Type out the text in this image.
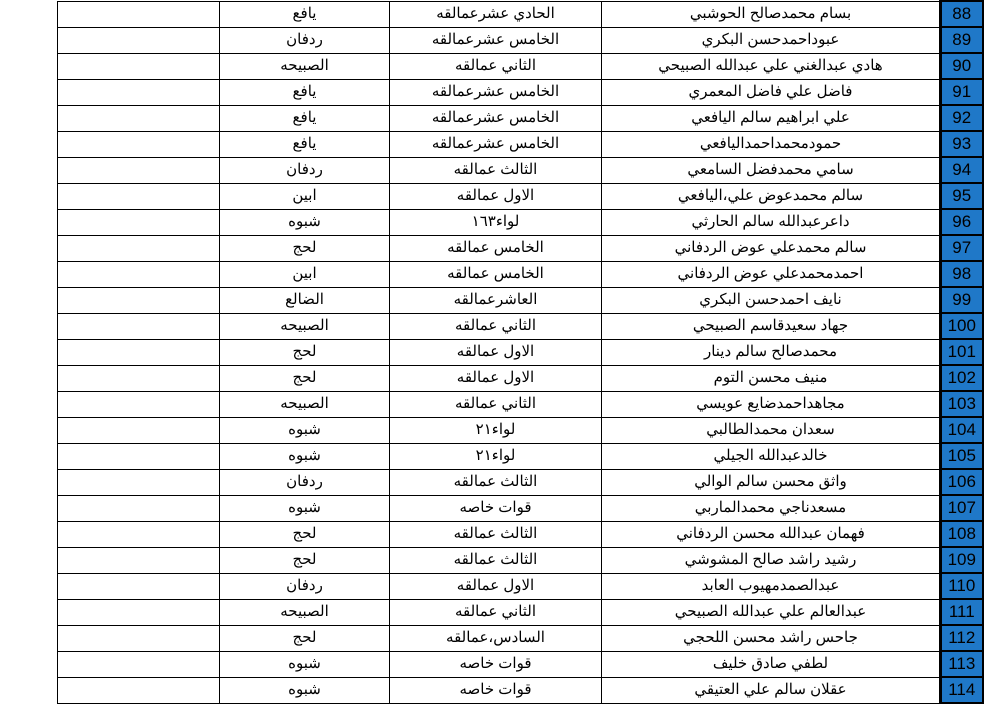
	يافع	الحادي عشرعمالقه	بسام محمدصالح الحوشبي	88
	ردفان	الخامس عشرعمالقه	عبوداحمدحسن البكري	89
	الصبيحه	الثاني عمالقه	هادي عبدالغني علي عبدالله الصبيحي	90
	يافع	الخامس عشرعمالقه	فاضل علي فاضل المعمري	91
	يافع	الخامس عشرعمالقه	علي ابراهيم سالم اليافعي	92
	يافع	الخامس عشرعمالقه	حمودمحمداحمداليافعي	93
	ردفان	الثالث عمالقه	سامي محمدفضل السامعي	94
	ابين	الاول عمالقه	سالم محمدعوض علي،اليافعي	95
	شبوه	لواء١٦٣	داعرعبدالله سالم الحارثي	96
	لحج	الخامس عمالقه	سالم محمدعلي عوض الردفاني	97
	ابين	الخامس عمالقه	احمدمحمدعلي عوض الردفاني	98
	الضالع	العاشرعمالقه	نايف احمدحسن البكري	99
	الصبيحه	الثاني عمالقه	جهاد سعيدقاسم الصبيحي	100
	لحج	الاول عمالقه	محمدصالح سالم دينار	101
	لحج	الاول عمالقه	منيف محسن التوم	102
	الصبيحه	الثاني عمالقه	مجاهداحمدضايع عويسي	103
	شبوه	لواء٢١	سعدان محمدالطالبي	104
	شبوه	لواء٢١	خالدعبدالله الجيلي	105
	ردفان	الثالث عمالقه	واثق محسن سالم الوالي	106
	شبوه	قوات خاصه	مسعدناجي محمدالماربي	107
	لحج	الثالث عمالقه	فهمان عبدالله محسن الردفاني	108
	لحج	الثالث عمالقه	رشيد راشد صالح المشوشي	109
	ردفان	الاول عمالقه	عبدالصمدمهيوب العابد	110
	الصبيحه	الثاني عمالقه	عبدالعالم علي عبدالله الصبيحي	111
	لحج	السادس،عمالقه	جاحس راشد محسن اللحجي	112
	شبوه	قوات خاصه	لطفي صادق خليف	113
	شبوه	قوات خاصه	عقلان سالم علي العتيقي	114
